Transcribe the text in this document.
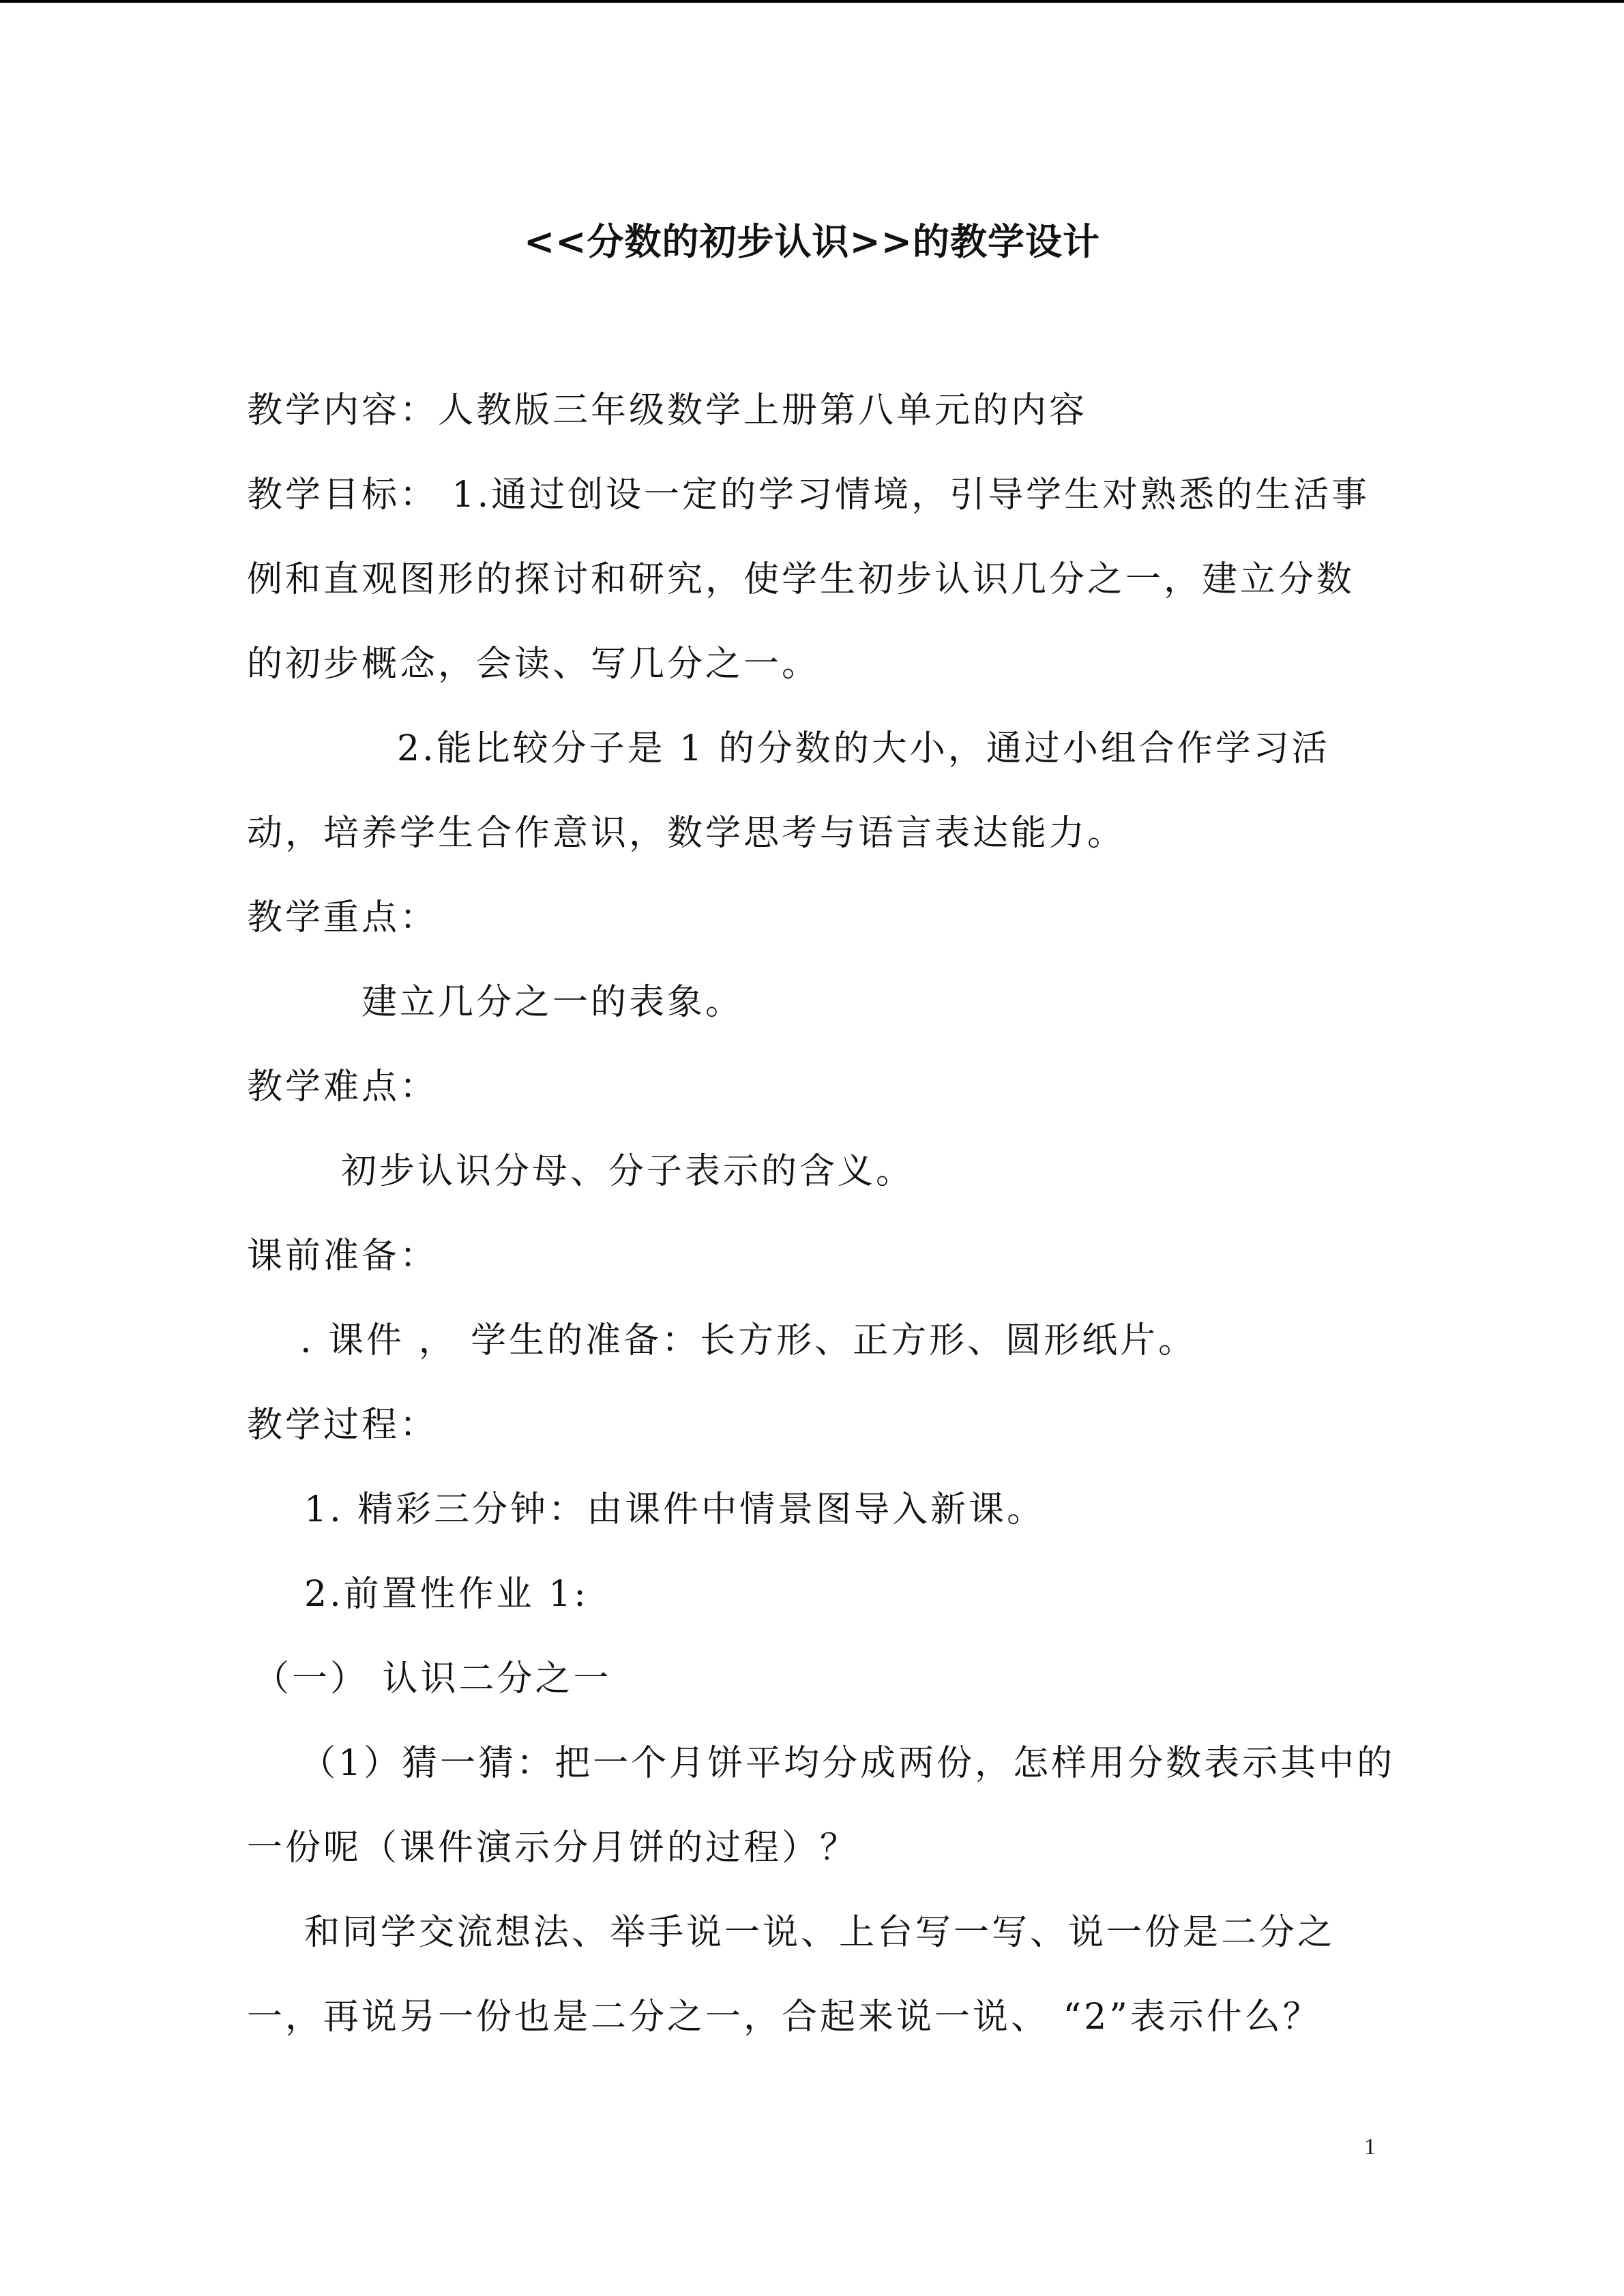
<<分数的初步认识>>的教学设计
教学内容：人教版三年级数学上册第八单元的内容
教学目标： 1.通过创设一定的学习情境，引导学生对熟悉的生活事
例和直观图形的探讨和研究，使学生初步认识几分之一，建立分数
的初步概念，会读、写几分之一。
2.能比较分子是 1 的分数的大小，通过小组合作学习活
动，培养学生合作意识，数学思考与语言表达能力。
教学重点：
建立几分之一的表象。
教学难点：
初步认识分母、分子表示的含义。
课前准备：
. 课件 ， 学生的准备：长方形、正方形、圆形纸片。
教学过程：
1. 精彩三分钟：由课件中情景图导入新课。
2.前置性作业 1:
（一） 认识二分之一
（1）猜一猜：把一个月饼平均分成两份，怎样用分数表示其中的
一份呢（课件演示分月饼的过程）？
和同学交流想法、举手说一说、上台写一写、说一份是二分之
一，再说另一份也是二分之一，合起来说一说、 “2”表示什么？
1
